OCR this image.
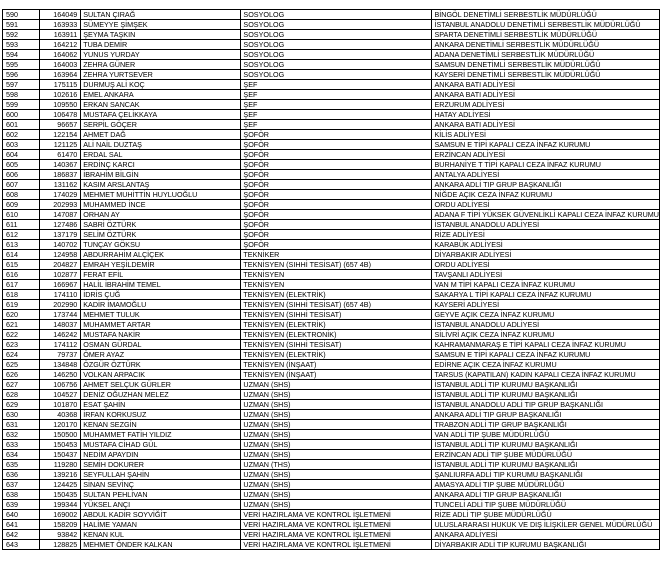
590	164049	SULTAN ÇIRAĞ	SOSYOLOG	BİNGÖL DENETİMLİ SERBESTLİK MÜDÜRLÜĞÜ
591	163933	SÜMEYYE ŞİMŞEK	SOSYOLOG	İSTANBUL ANADOLU DENETİMLİ SERBESTLİK MÜDÜRLÜĞÜ
592	163911	ŞEYMA TAŞKIN	SOSYOLOG	SPARTA DENETİMLİ SERBESTLİK MÜDÜRLÜĞÜ
593	164212	TUBA DEMİR	SOSYOLOG	ANKARA DENETİMLİ SERBESTLİK MÜDÜRLÜĞÜ
594	164062	YUNUS YURDAY	SOSYOLOG	ADANA DENETİMLİ SERBESTLİK MÜDÜRLÜĞÜ
595	164003	ZEHRA GÜNER	SOSYOLOG	SAMSUN DENETİMLİ SERBESTLİK MÜDÜRLÜĞÜ
596	163964	ZEHRA YURTSEVER	SOSYOLOG	KAYSERİ DENETİMLİ SERBESTLİK MÜDÜRLÜĞÜ
597	175115	DURMUŞ ALİ KOÇ	ŞEF	ANKARA BATI ADLİYESİ
598	102616	EMEL ANKARA	ŞEF	ANKARA BATI ADLİYESİ
599	109550	ERKAN SANCAK	ŞEF	ERZURUM ADLİYESİ
600	106478	MUSTAFA ÇELİKKAYA	ŞEF	HATAY ADLİYESİ
601	96657	SERPİL GÖÇER	ŞEF	ANKARA BATI ADLİYESİ
602	122154	AHMET DAĞ	ŞOFÖR	KİLİS ADLİYESİ
603	121125	ALİ NAİL DUZTAŞ	ŞOFÖR	SAMSUN E TİPİ KAPALI CEZA İNFAZ KURUMU
604	61470	ERDAL SAL	ŞOFÖR	ERZİNCAN ADLİYESİ
605	140367	ERDİNÇ KARCI	ŞOFÖR	BURHANİYE T TİPİ KAPALI CEZA İNFAZ KURUMU
606	186837	İBRAHİM BİLGİN	ŞOFÖR	ANTALYA ADLİYESİ
607	131162	KASIM ARSLANTAŞ	ŞOFÖR	ANKARA ADLİ TIP GRUP BAŞKANLIĞI
608	174029	MEHMET MUHİTTİN HUYLUOĞLU	ŞOFÖR	NİĞDE AÇIK CEZA İNFAZ KURUMU
609	202993	MUHAMMED İNCE	ŞOFÖR	ORDU ADLİYESİ
610	147087	ORHAN AY	ŞOFÖR	ADANA F TİPİ YÜKSEK GÜVENLİKLİ KAPALI CEZA İNFAZ KURUMU
611	127486	SABRİ ÖZTÜRK	ŞOFÖR	İSTANBUL ANADOLU ADLİYESİ
612	137179	SELİM ÖZTÜRK	ŞOFÖR	RİZE ADLİYESİ
613	140702	TUNÇAY GÖKSU	ŞOFÖR	KARABÜK ADLİYESİ
614	124958	ABDURRAHİM ALÇİÇEK	TEKNİKER	DİYARBAKIR ADLİYESİ
615	204827	EMRAH YEŞİLDEMİR	TEKNİSYEN (SIHHİ TESİSAT) (657 4B)	ORDU ADLİYESİ
616	102877	FERAT EFİL	TEKNİSYEN	TAVŞANLI ADLİYESİ
617	166967	HALİL İBRAHİM TEMEL	TEKNİSYEN	VAN M TİPİ KAPALI CEZA İNFAZ KURUMU
618	174110	İDRİS ÇUĞ	TEKNİSYEN (ELEKTRİK)	SAKARYA L TİPİ KAPALI CEZA İNFAZ KURUMU
619	202990	KADİR İMAMOĞLU	TEKNİSYEN (SIHHİ TESİSAT) (657 4B)	KAYSERİ ADLİYESİ
620	173744	MEHMET TULUK	TEKNİSYEN (SIHHİ TESİSAT)	GEYVE AÇIK CEZA İNFAZ KURUMU
621	148037	MUHAMMET ARTAR	TEKNİSYEN (ELEKTRİK)	İSTANBUL ANADOLU ADLİYESİ
622	146242	MUSTAFA NAKİR	TEKNİSYEN (ELEKTRONİK)	SİLİVRİ AÇIK CEZA İNFAZ KURUMU
623	174112	OSMAN GÜRDAL	TEKNİSYEN (SIHHİ TESİSAT)	KAHRAMANMARAŞ E TİPİ KAPALI CEZA İNFAZ KURUMU
624	79737	ÖMER AYAZ	TEKNİSYEN (ELEKTRİK)	SAMSUN E TİPİ KAPALI CEZA İNFAZ KURUMU
625	134848	ÖZGÜR ÖZTÜRK	TEKNİSYEN (İNŞAAT)	EDİRNE AÇIK CEZA İNFAZ KURUMU
626	146250	VOLKAN ARPACIK	TEKNİSYEN (İNŞAAT)	TARSUS (KAPATILAN) KADIN KAPALI CEZA İNFAZ KURUMU
627	106756	AHMET SELÇUK GÜRLER	UZMAN (SHS)	İSTANBUL ADLİ TIP KURUMU BAŞKANLIĞI
628	104527	DENİZ OĞUZHAN MELEZ	UZMAN (SHS)	İSTANBUL ADLİ TIP KURUMU BAŞKANLIĞI
629	101870	ESAT ŞAHİN	UZMAN (SHS)	İSTANBUL ANADOLU ADLİ TIP GRUP BAŞKANLIĞI
630	40368	İRFAN KORKUSUZ	UZMAN (SHS)	ANKARA ADLİ TIP GRUP BAŞKANLIĞI
631	120170	KENAN SEZGİN	UZMAN (SHS)	TRABZON ADLİ TIP GRUP BAŞKANLIĞI
632	150500	MUHAMMET FATİH YILDIZ	UZMAN (SHS)	VAN ADLİ TIP ŞUBE MÜDÜRLÜĞÜ
633	150453	MUSTAFA CİHAD GÜL	UZMAN (SHS)	İSTANBUL ADLİ TIP KURUMU BAŞKANLIĞI
634	150437	NEDİM APAYDIN	UZMAN (SHS)	ERZİNCAN ADLİ TIP ŞUBE MÜDÜRLÜĞÜ
635	119280	SEMİH DOKURER	UZMAN (THS)	İSTANBUL ADLİ TIP KURUMU BAŞKANLIĞI
636	139216	SEYFULLAH ŞAHİN	UZMAN (SHS)	ŞANLIURFA ADLİ TIP KURUMU BAŞKANLIĞI
637	124425	SİNAN SEVİNÇ	UZMAN (SHS)	AMASYA ADLİ TIP ŞUBE MÜDÜRLÜĞÜ
638	150435	SULTAN PEHLİVAN	UZMAN (SHS)	ANKARA ADLİ TIP GRUP BAŞKANLIĞI
639	199344	YÜKSEL ANÇI	UZMAN (SHS)	TUNCELİ ADLİ TIP ŞUBE MÜDÜRLÜĞÜ
640	169002	ABDUL KADİR SOYVİĞİT	VERİ HAZIRLAMA VE KONTROL İŞLETMENİ	RİZE ADLİ TIP ŞUBE MÜDÜRLÜĞÜ
641	158209	HALİME YAMAN	VERİ HAZIRLAMA VE KONTROL İŞLETMENİ	ULUSLARARASI HUKUK VE DIŞ İLİŞKİLER GENEL MÜDÜRLÜĞÜ
642	93842	KENAN KUL	VERİ HAZIRLAMA VE KONTROL İŞLETMENİ	ANKARA ADLİYESİ
643	128825	MEHMET ÖNDER KALKAN	VERİ HAZIRLAMA VE KONTROL İŞLETMENİ	DİYARBAKIR ADLİ TIP KURUMU BAŞKANLIĞI
